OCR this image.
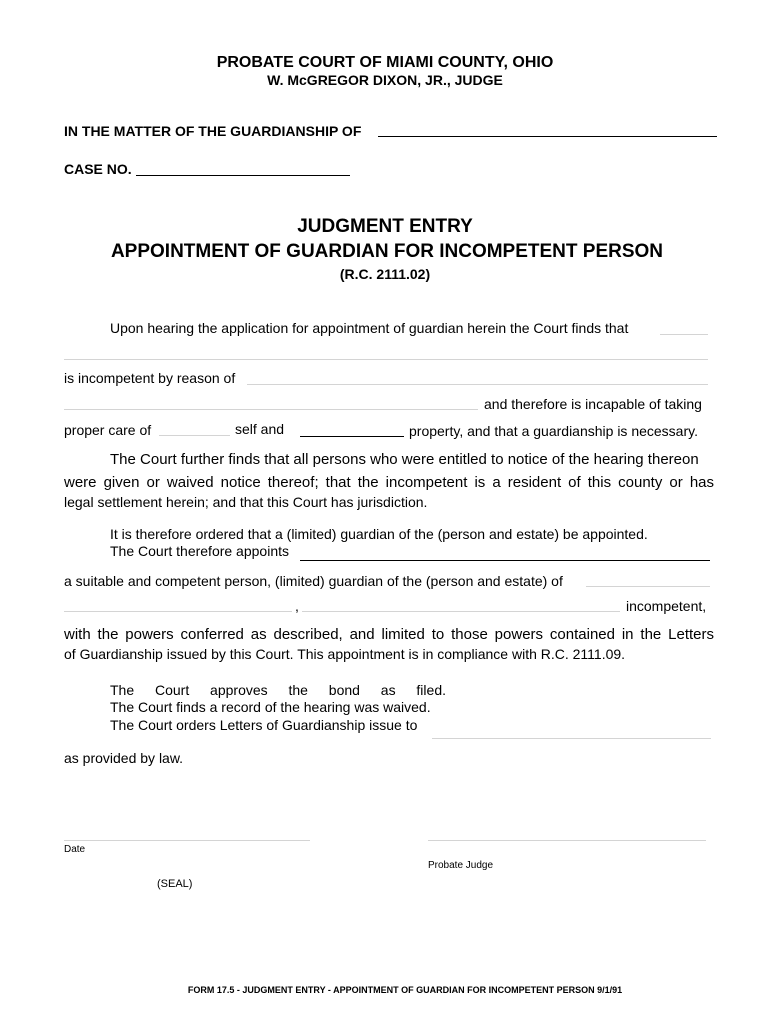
PROBATE COURT OF MIAMI COUNTY, OHIO
W. McGREGOR DIXON, JR., JUDGE
IN THE MATTER OF THE GUARDIANSHIP OF
CASE NO.
JUDGMENT ENTRY
APPOINTMENT OF GUARDIAN FOR INCOMPETENT PERSON
(R.C. 2111.02)
Upon hearing the application for appointment of guardian herein the Court finds that
is incompetent by reason of
and therefore is incapable of taking
proper care of	self and	property, and that a guardianship is necessary.
The Court further finds that all persons who were entitled to notice of the hearing thereon
were given or waived notice thereof; that the incompetent is a resident of this county or has
legal settlement herein; and that this Court has jurisdiction.
It is therefore ordered that a (limited) guardian of the (person and estate) be appointed.
The Court therefore appoints
a suitable and competent person, (limited) guardian of the (person and estate) of
,	incompetent,
with the powers conferred as described, and limited to those powers contained in the Letters
of Guardianship issued by this Court. This appointment is in compliance with R.C. 2111.09.
The Court approves the bond as filed.
The Court finds a record of the hearing was waived.
The Court orders Letters of Guardianship issue to
as provided by law.
Date
Probate Judge
(SEAL)
FORM 17.5 - JUDGMENT ENTRY - APPOINTMENT OF GUARDIAN FOR INCOMPETENT PERSON 9/1/91
